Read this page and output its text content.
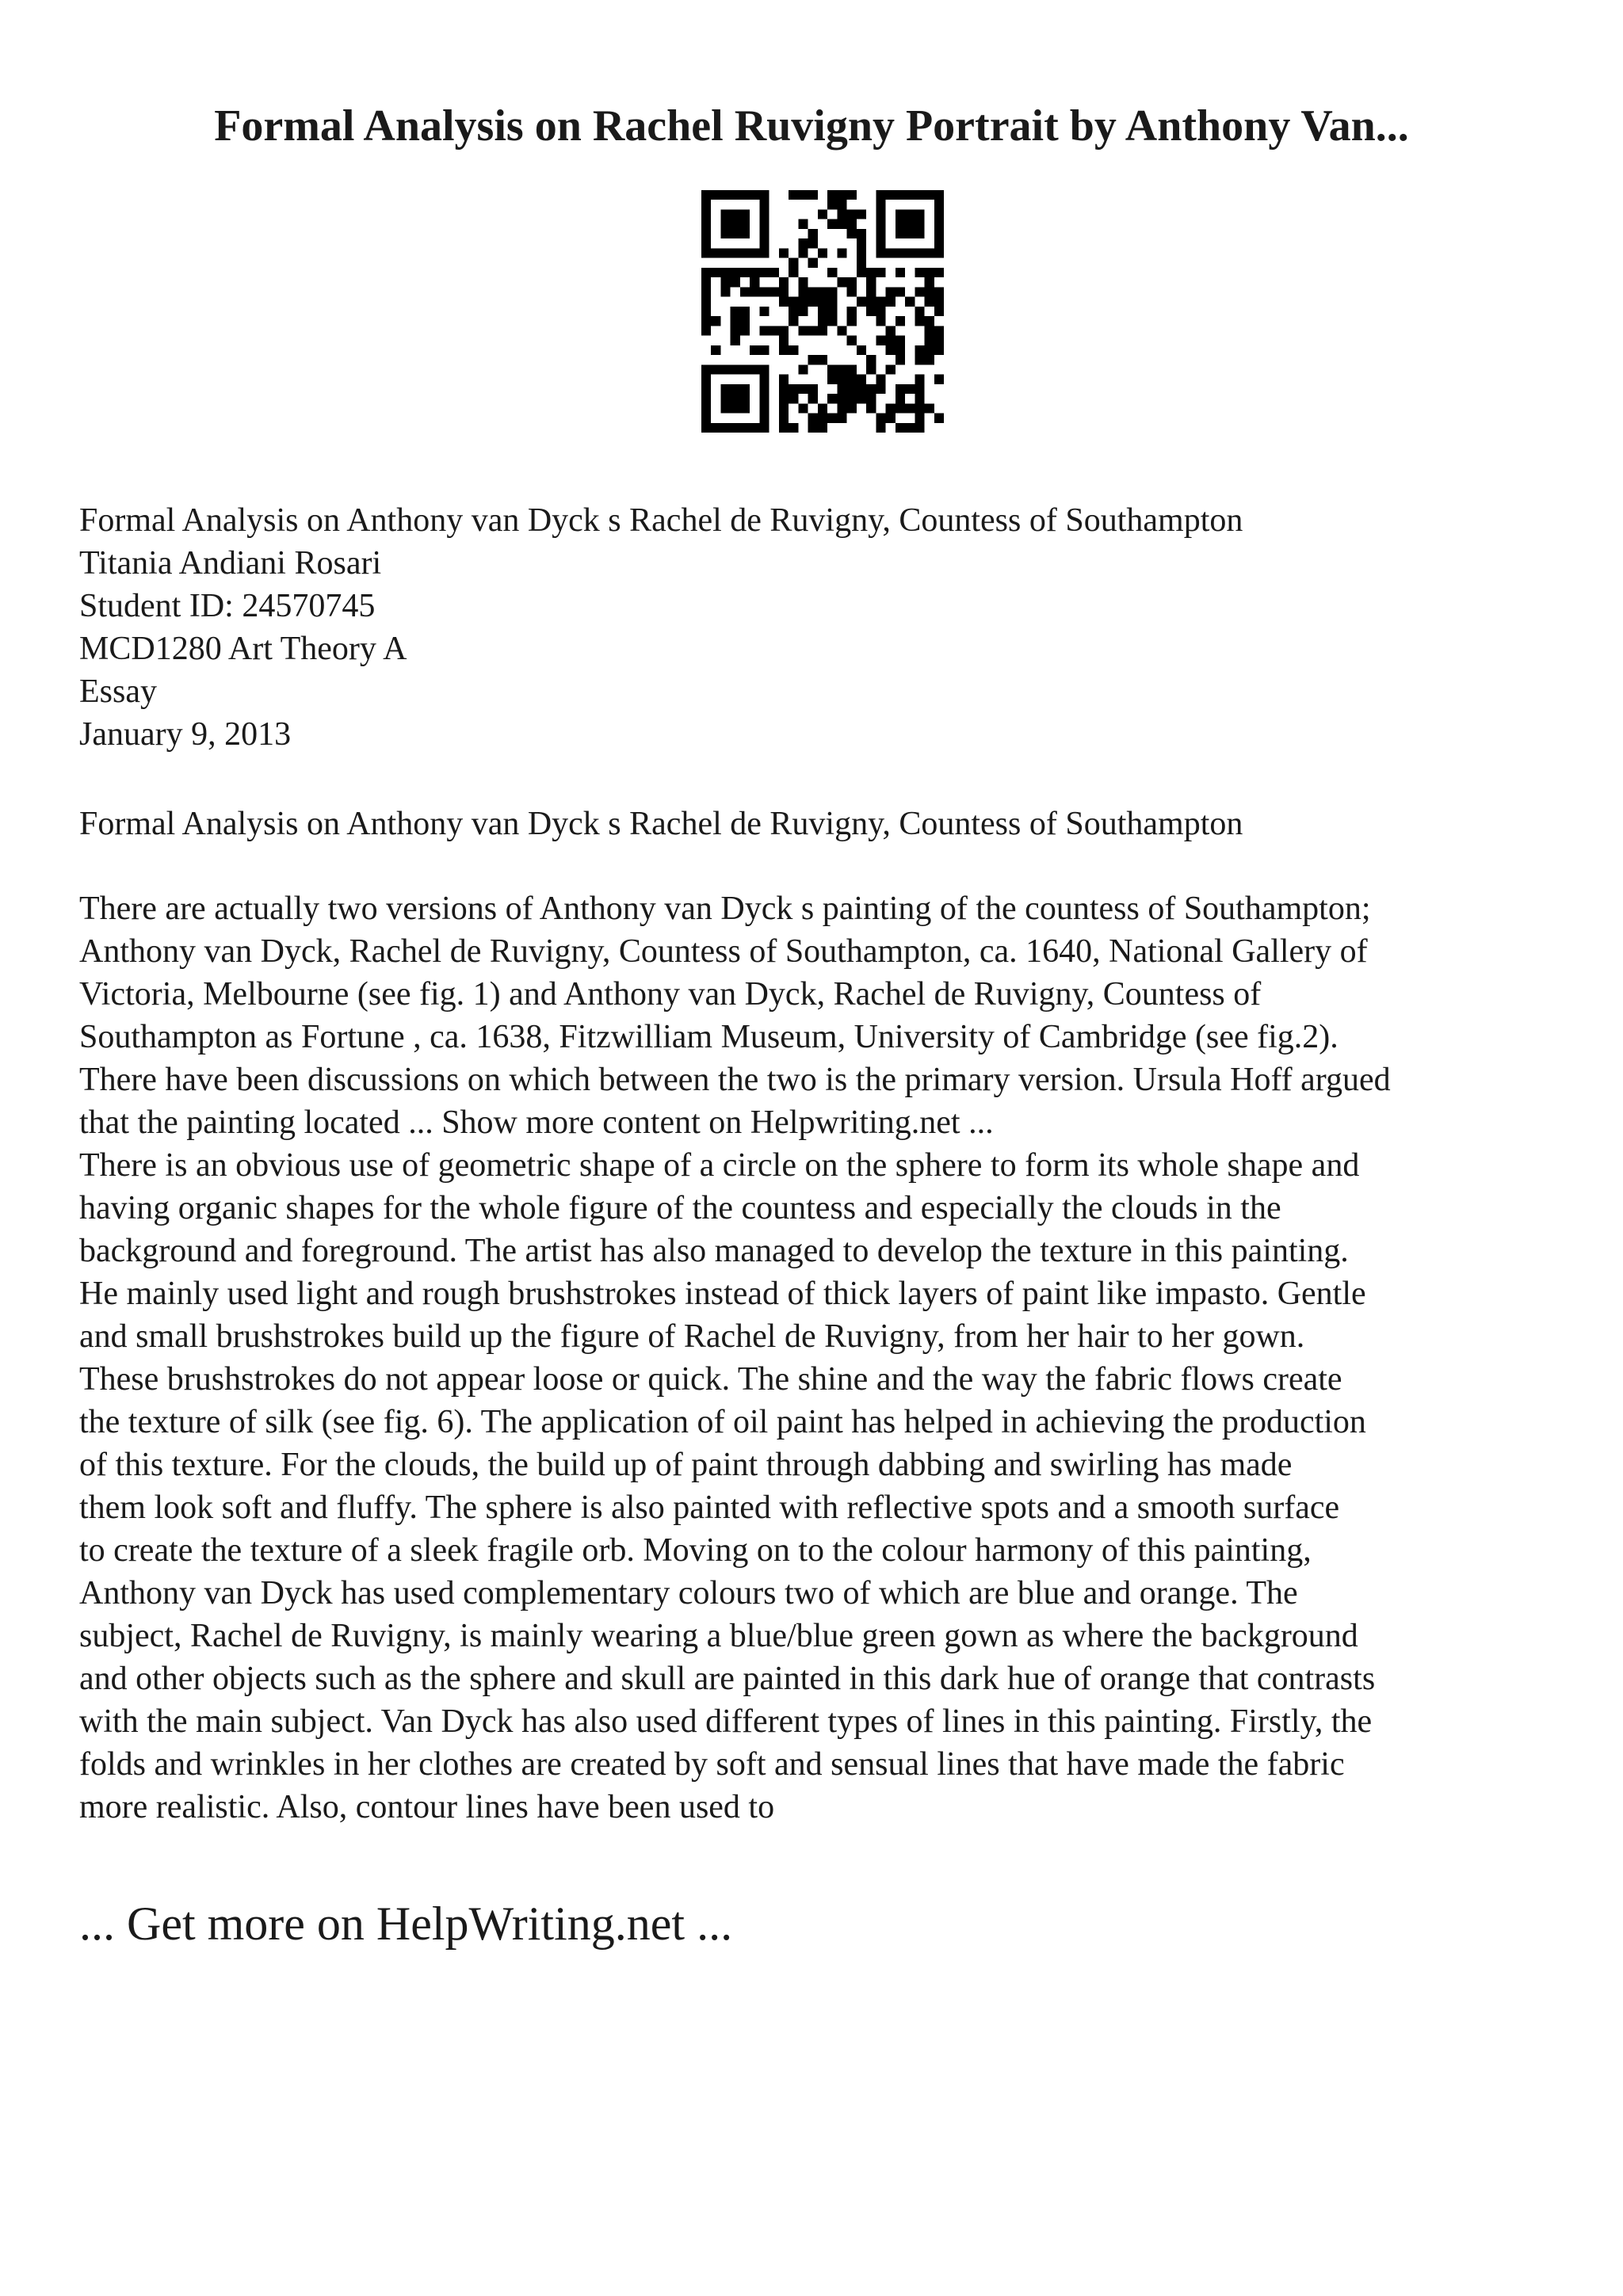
Formal Analysis on Rachel Ruvigny Portrait by Anthony Van...
Formal Analysis on Anthony van Dyck s Rachel de Ruvigny, Countess of Southampton
Titania Andiani Rosari
Student ID: 24570745
MCD1280 Art Theory A
Essay
January 9, 2013
Formal Analysis on Anthony van Dyck s Rachel de Ruvigny, Countess of Southampton
There are actually two versions of Anthony van Dyck s painting of the countess of Southampton;
Anthony van Dyck, Rachel de Ruvigny, Countess of Southampton, ca. 1640, National Gallery of
Victoria, Melbourne (see fig. 1) and Anthony van Dyck, Rachel de Ruvigny, Countess of
Southampton as Fortune , ca. 1638, Fitzwilliam Museum, University of Cambridge (see fig.2).
There have been discussions on which between the two is the primary version. Ursula Hoff argued
that the painting located ... Show more content on Helpwriting.net ...
There is an obvious use of geometric shape of a circle on the sphere to form its whole shape and
having organic shapes for the whole figure of the countess and especially the clouds in the
background and foreground. The artist has also managed to develop the texture in this painting.
He mainly used light and rough brushstrokes instead of thick layers of paint like impasto. Gentle
and small brushstrokes build up the figure of Rachel de Ruvigny, from her hair to her gown.
These brushstrokes do not appear loose or quick. The shine and the way the fabric flows create
the texture of silk (see fig. 6). The application of oil paint has helped in achieving the production
of this texture. For the clouds, the build up of paint through dabbing and swirling has made
them look soft and fluffy. The sphere is also painted with reflective spots and a smooth surface
to create the texture of a sleek fragile orb. Moving on to the colour harmony of this painting,
Anthony van Dyck has used complementary colours two of which are blue and orange. The
subject, Rachel de Ruvigny, is mainly wearing a blue/blue green gown as where the background
and other objects such as the sphere and skull are painted in this dark hue of orange that contrasts
with the main subject. Van Dyck has also used different types of lines in this painting. Firstly, the
folds and wrinkles in her clothes are created by soft and sensual lines that have made the fabric
more realistic. Also, contour lines have been used to
... Get more on HelpWriting.net ...
